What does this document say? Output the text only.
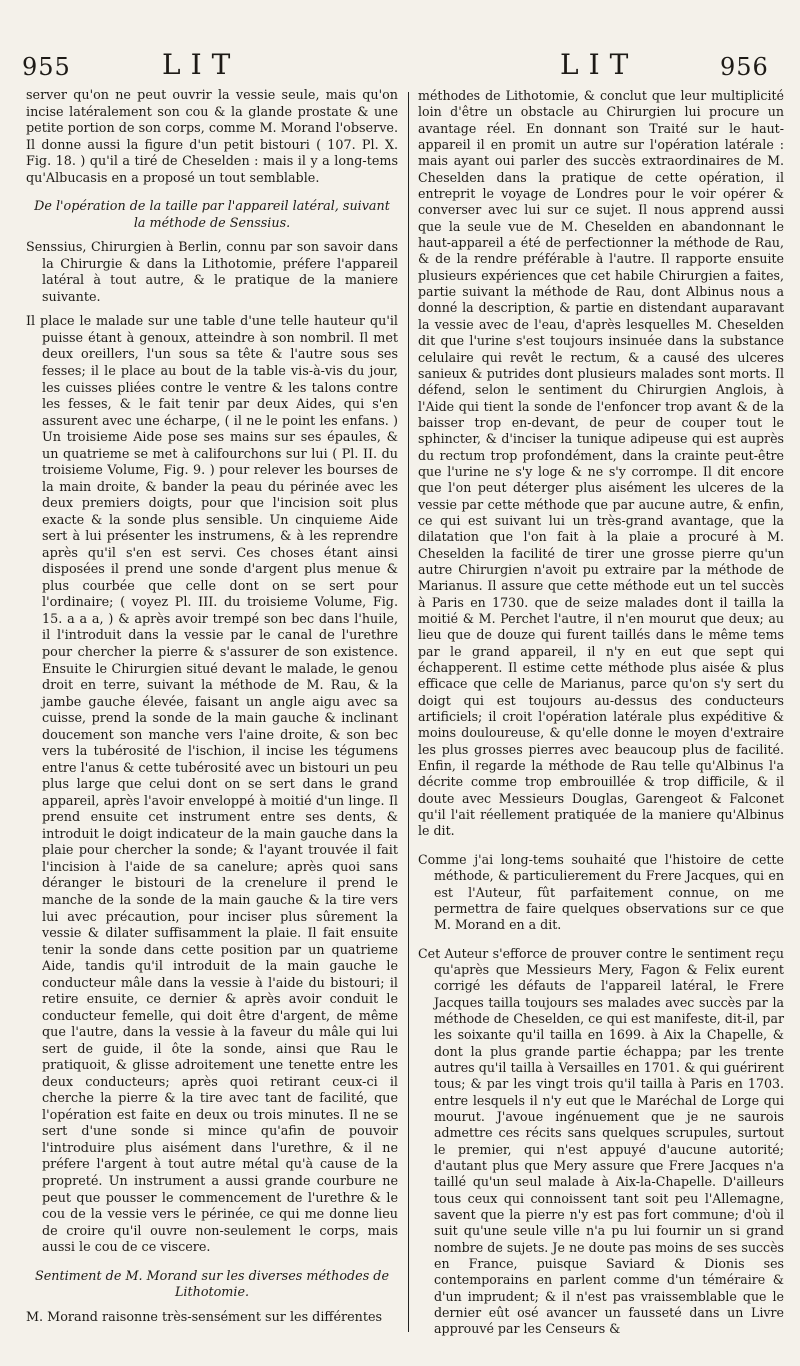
955	LIT	LIT	956

server qu'on ne peut ouvrir la vessie seule, mais qu'on incise latéralement son cou & la glande prostate & une petite portion de son corps, comme M. Morand l'observe. Il donne aussi la figure d'un petit bistouri ( 107. Pl. X. Fig. 18. ) qu'il a tiré de Cheselden : mais il y a long-tems qu'Albucasis en a proposé un tout semblable.

De l'opération de la taille par l'appareil latéral, suivant la méthode de Senssius.

Senssius, Chirurgien à Berlin, connu par son savoir dans la Chirurgie & dans la Lithotomie, préfere l'appareil latéral à tout autre, & le pratique de la maniere suivante.

Il place le malade sur une table d'une telle hauteur qu'il puisse étant à genoux, atteindre à son nombril. Il met deux oreillers, l'un sous sa tête & l'autre sous ses fesses; il le place au bout de la table vis-à-vis du jour, les cuisses pliées contre le ventre & les talons contre les fesses, & le fait tenir par deux Aides, qui s'en assurent avec une écharpe, ( il ne le point les enfans. ) Un troisieme Aide pose ses mains sur ses épaules, & un quatrieme se met à califourchons sur lui ( Pl. II. du troisieme Volume, Fig. 9. ) pour relever les bourses de la main droite, & bander la peau du périnée avec les deux premiers doigts, pour que l'incision soit plus exacte & la sonde plus sensible. Un cinquieme Aide sert à lui présenter les instrumens, & à les reprendre après qu'il s'en est servi. Ces choses étant ainsi disposées il prend une sonde d'argent plus menue & plus courbée que celle dont on se sert pour l'ordinaire; ( voyez Pl. III. du troisieme Volume, Fig. 15. a a a, ) & après avoir trempé son bec dans l'huile, il l'introduit dans la vessie par le canal de l'urethre pour chercher la pierre & s'assurer de son existence. Ensuite le Chirurgien situé devant le malade, le genou droit en terre, suivant la méthode de M. Rau, & la jambe gauche élevée, faisant un angle aigu avec sa cuisse, prend la sonde de la main gauche & inclinant doucement son manche vers l'aine droite, & son bec vers la tubérosité de l'ischion, il incise les tégumens entre l'anus & cette tubérosité avec un bistouri un peu plus large que celui dont on se sert dans le grand appareil, après l'avoir enveloppé à moitié d'un linge. Il prend ensuite cet instrument entre ses dents, & introduit le doigt indicateur de la main gauche dans la plaie pour chercher la sonde; & l'ayant trouvée il fait l'incision à l'aide de sa canelure; après quoi sans déranger le bistouri de la crenelure il prend le manche de la sonde de la main gauche & la tire vers lui avec précaution, pour inciser plus sûrement la vessie & dilater suffisamment la plaie. Il fait ensuite tenir la sonde dans cette position par un quatrieme Aide, tandis qu'il introduit de la main gauche le conducteur mâle dans la vessie à l'aide du bistouri; il retire ensuite, ce dernier & après avoir conduit le conducteur femelle, qui doit être d'argent, de même que l'autre, dans la vessie à la faveur du mâle qui lui sert de guide, il ôte la sonde, ainsi que Rau le pratiquoit, & glisse adroitement une tenette entre les deux conducteurs; après quoi retirant ceux-ci il cherche la pierre & la tire avec tant de facilité, que l'opération est faite en deux ou trois minutes. Il ne se sert d'une sonde si mince qu'afin de pouvoir l'introduire plus aisément dans l'urethre, & il ne préfere l'argent à tout autre métal qu'à cause de la propreté. Un instrument a aussi grande courbure ne peut que pousser le commencement de l'urethre & le cou de la vessie vers le périnée, ce qui me donne lieu de croire qu'il ouvre non-seulement le corps, mais aussi le cou de ce viscere.

Sentiment de M. Morand sur les diverses méthodes de Lithotomie.

M. Morand raisonne très-sensément sur les différentes

méthodes de Lithotomie, & conclut que leur multiplicité loin d'être un obstacle au Chirurgien lui procure un avantage réel. En donnant son Traité sur le haut-appareil il en promit un autre sur l'opération latérale : mais ayant oui parler des succès extraordinaires de M. Cheselden dans la pratique de cette opération, il entreprit le voyage de Londres pour le voir opérer & converser avec lui sur ce sujet. Il nous apprend aussi que la seule vue de M. Cheselden en abandonnant le haut-appareil a été de perfectionner la méthode de Rau, & de la rendre préférable à l'autre. Il rapporte ensuite plusieurs expériences que cet habile Chirurgien a faites, partie suivant la méthode de Rau, dont Albinus nous a donné la description, & partie en distendant auparavant la vessie avec de l'eau, d'après lesquelles M. Cheselden dit que l'urine s'est toujours insinuée dans la substance celulaire qui revêt le rectum, & a causé des ulceres sanieux & putrides dont plusieurs malades sont morts. Il défend, selon le sentiment du Chirurgien Anglois, à l'Aide qui tient la sonde de l'enfoncer trop avant & de la baisser trop en-devant, de peur de couper tout le sphincter, & d'inciser la tunique adipeuse qui est auprès du rectum trop profondément, dans la crainte peut-être que l'urine ne s'y loge & ne s'y corrompe. Il dit encore que l'on peut déterger plus aisément les ulceres de la vessie par cette méthode que par aucune autre, & enfin, ce qui est suivant lui un très-grand avantage, que la dilatation que l'on fait à la plaie a procuré à M. Cheselden la facilité de tirer une grosse pierre qu'un autre Chirurgien n'avoit pu extraire par la méthode de Marianus. Il assure que cette méthode eut un tel succès à Paris en 1730. que de seize malades dont il tailla la moitié & M. Perchet l'autre, il n'en mourut que deux; au lieu que de douze qui furent taillés dans le même tems par le grand appareil, il n'y en eut que sept qui échapperent. Il estime cette méthode plus aisée & plus efficace que celle de Marianus, parce qu'on s'y sert du doigt qui est toujours au-dessus des conducteurs artificiels; il croit l'opération latérale plus expéditive & moins douloureuse, & qu'elle donne le moyen d'extraire les plus grosses pierres avec beaucoup plus de facilité. Enfin, il regarde la méthode de Rau telle qu'Albinus l'a décrite comme trop embrouillée & trop difficile, & il doute avec Messieurs Douglas, Garengeot & Falconet qu'il l'ait réellement pratiquée de la maniere qu'Albinus le dit.

Comme j'ai long-tems souhaité que l'histoire de cette méthode, & particulierement du Frere Jacques, qui en est l'Auteur, fût parfaitement connue, on me permettra de faire quelques observations sur ce que M. Morand en a dit.

Cet Auteur s'efforce de prouver contre le sentiment reçu qu'après que Messieurs Mery, Fagon & Felix eurent corrigé les défauts de l'appareil latéral, le Frere Jacques tailla toujours ses malades avec succès par la méthode de Cheselden, ce qui est manifeste, dit-il, par les soixante qu'il tailla en 1699. à Aix la Chapelle, & dont la plus grande partie échappa; par les trente autres qu'il tailla à Versailles en 1701. & qui guérirent tous; & par les vingt trois qu'il tailla à Paris en 1703. entre lesquels il n'y eut que le Maréchal de Lorge qui mourut. J'avoue ingénuement que je ne saurois admettre ces récits sans quelques scrupules, surtout le premier, qui n'est appuyé d'aucune autorité; d'autant plus que Mery assure que Frere Jacques n'a taillé qu'un seul malade à Aix-la-Chapelle. D'ailleurs tous ceux qui connoissent tant soit peu l'Allemagne, savent que la pierre n'y est pas fort commune; d'où il suit qu'une seule ville n'a pu lui fournir un si grand nombre de sujets. Je ne doute pas moins de ses succès en France, puisque Saviard & Dionis ses contemporains en parlent comme d'un téméraire & d'un imprudent; & il n'est pas vraissemblable que le dernier eût osé avancer un fausseté dans un Livre approuvé par les Censeurs &
